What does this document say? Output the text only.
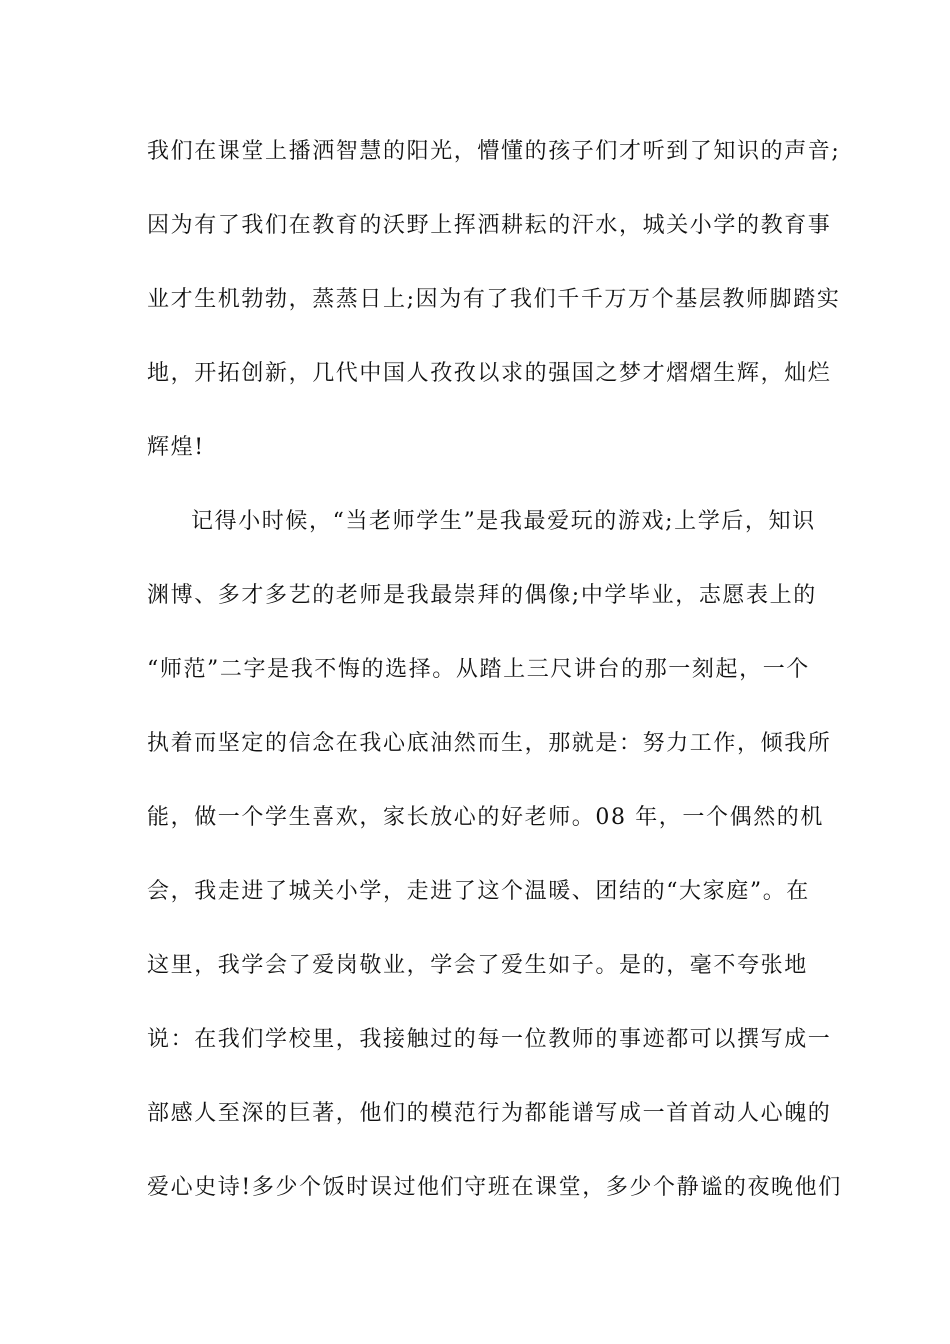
我们在课堂上播洒智慧的阳光，懵懂的孩子们才听到了知识的声音;
因为有了我们在教育的沃野上挥洒耕耘的汗水，城关小学的教育事
业才生机勃勃，蒸蒸日上;因为有了我们千千万万个基层教师脚踏实
地，开拓创新，几代中国人孜孜以求的强国之梦才熠熠生辉，灿烂
辉煌!
记得小时候，“当老师学生”是我最爱玩的游戏;上学后，知识
渊博、多才多艺的老师是我最崇拜的偶像;中学毕业，志愿表上的
“师范”二字是我不悔的选择。从踏上三尺讲台的那一刻起，一个
执着而坚定的信念在我心底油然而生，那就是：努力工作，倾我所
能，做一个学生喜欢，家长放心的好老师。08 年，一个偶然的机
会，我走进了城关小学，走进了这个温暖、团结的“大家庭”。在
这里，我学会了爱岗敬业，学会了爱生如子。是的，毫不夸张地
说：在我们学校里，我接触过的每一位教师的事迹都可以撰写成一
部感人至深的巨著，他们的模范行为都能谱写成一首首动人心魄的
爱心史诗!多少个饭时误过他们守班在课堂，多少个静谧的夜晚他们
